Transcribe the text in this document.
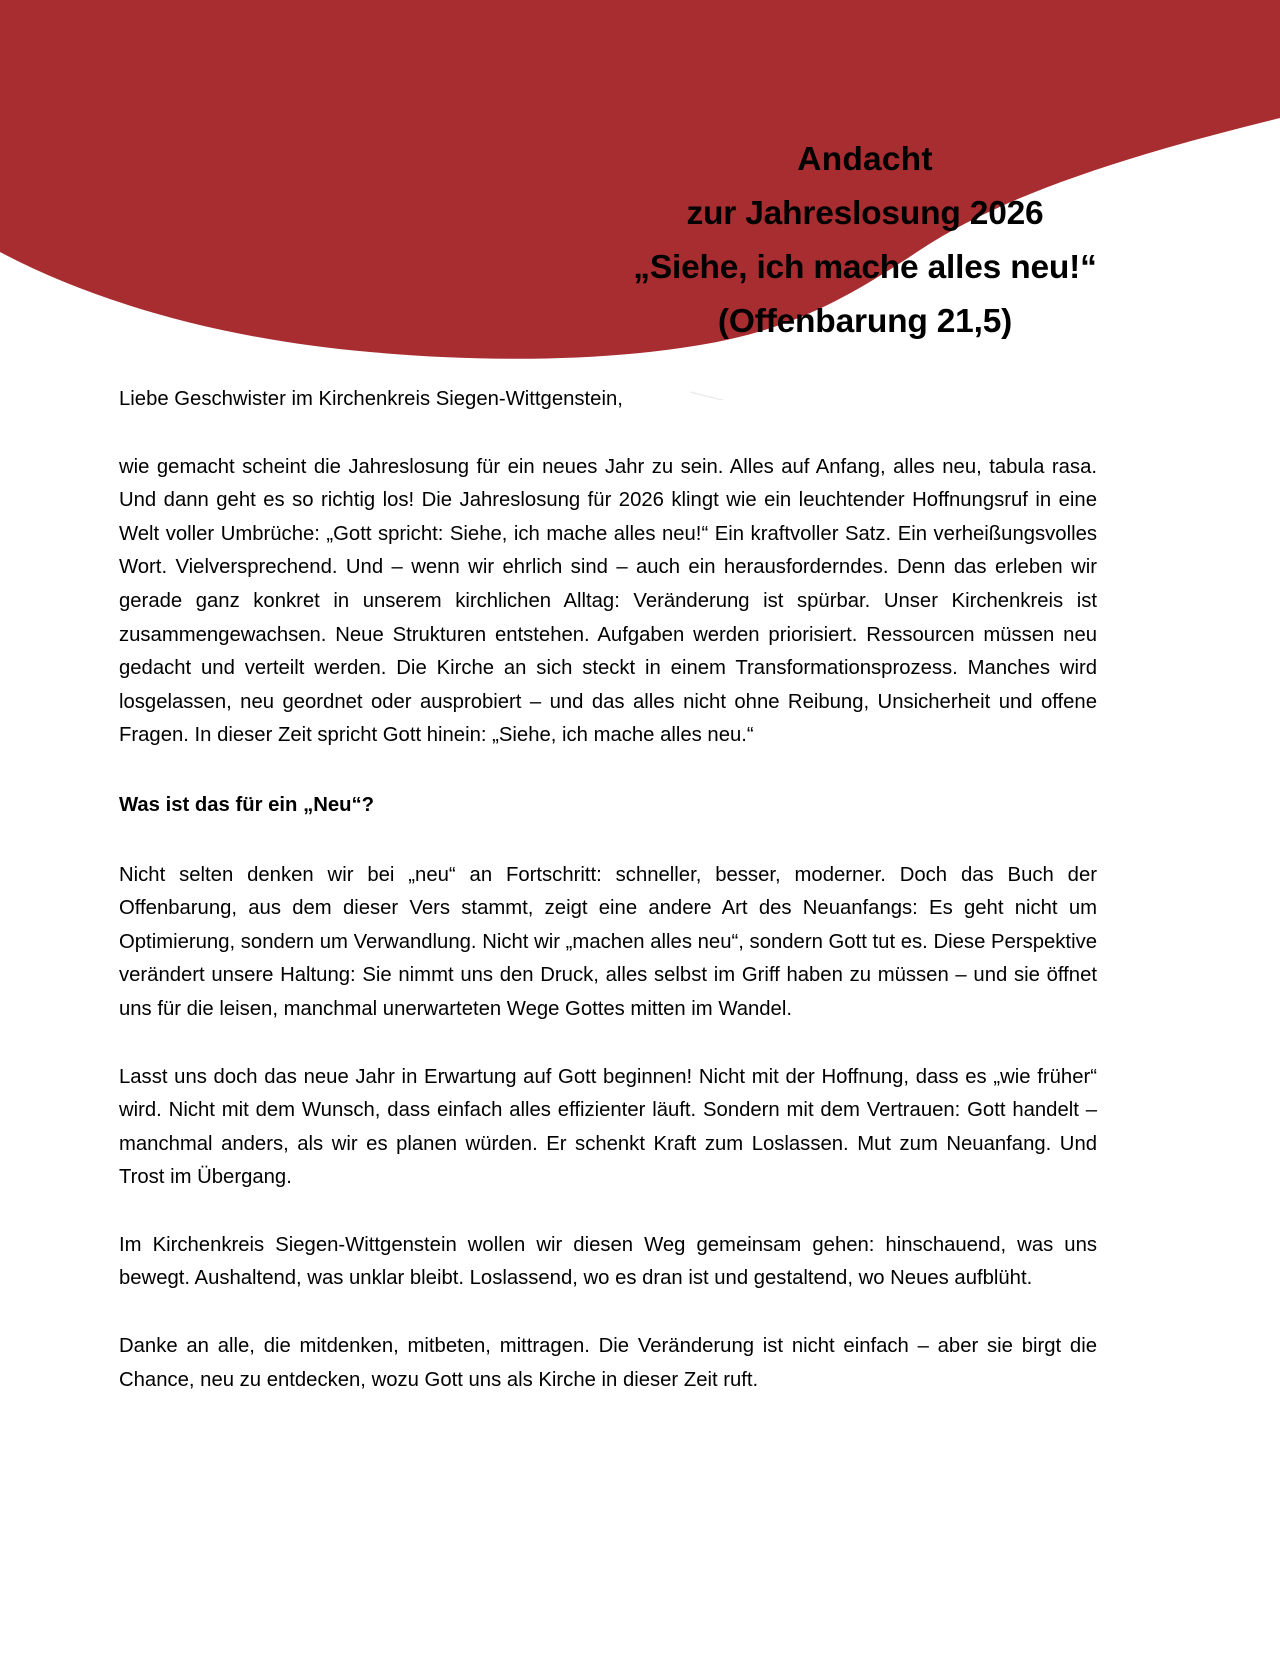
Andacht
zur Jahreslosung 2026
„Siehe, ich mache alles neu!“
(Offenbarung 21,5)

Liebe Geschwister im Kirchenkreis Siegen-Wittgenstein,

wie gemacht scheint die Jahreslosung für ein neues Jahr zu sein. Alles auf Anfang, alles neu, tabula rasa. Und dann geht es so richtig los! Die Jahreslosung für 2026 klingt wie ein leuchtender Hoffnungsruf in eine Welt voller Umbrüche: „Gott spricht: Siehe, ich mache alles neu!“ Ein kraftvoller Satz. Ein verheißungsvolles Wort. Vielversprechend. Und – wenn wir ehrlich sind – auch ein herausforderndes. Denn das erleben wir gerade ganz konkret in unserem kirchlichen Alltag: Veränderung ist spürbar. Unser Kirchenkreis ist zusammengewachsen. Neue Strukturen entstehen. Aufgaben werden priorisiert. Ressourcen müssen neu gedacht und verteilt werden. Die Kirche an sich steckt in einem Transformationsprozess. Manches wird losgelassen, neu geordnet oder ausprobiert – und das alles nicht ohne Reibung, Unsicherheit und offene Fragen. In dieser Zeit spricht Gott hinein: „Siehe, ich mache alles neu.“

Was ist das für ein „Neu“?

Nicht selten denken wir bei „neu“ an Fortschritt: schneller, besser, moderner. Doch das Buch der Offenbarung, aus dem dieser Vers stammt, zeigt eine andere Art des Neuanfangs: Es geht nicht um Optimierung, sondern um Verwandlung. Nicht wir „machen alles neu“, sondern Gott tut es. Diese Perspektive verändert unsere Haltung: Sie nimmt uns den Druck, alles selbst im Griff haben zu müssen – und sie öffnet uns für die leisen, manchmal unerwarteten Wege Gottes mitten im Wandel.

Lasst uns doch das neue Jahr in Erwartung auf Gott beginnen! Nicht mit der Hoffnung, dass es „wie früher“ wird. Nicht mit dem Wunsch, dass einfach alles effizienter läuft. Sondern mit dem Vertrauen: Gott handelt – manchmal anders, als wir es planen würden. Er schenkt Kraft zum Loslassen. Mut zum Neuanfang. Und Trost im Übergang.

Im Kirchenkreis Siegen-Wittgenstein wollen wir diesen Weg gemeinsam gehen: hinschauend, was uns bewegt. Aushaltend, was unklar bleibt. Loslassend, wo es dran ist und gestaltend, wo Neues aufblüht.

Danke an alle, die mitdenken, mitbeten, mittragen. Die Veränderung ist nicht einfach – aber sie birgt die Chance, neu zu entdecken, wozu Gott uns als Kirche in dieser Zeit ruft.
